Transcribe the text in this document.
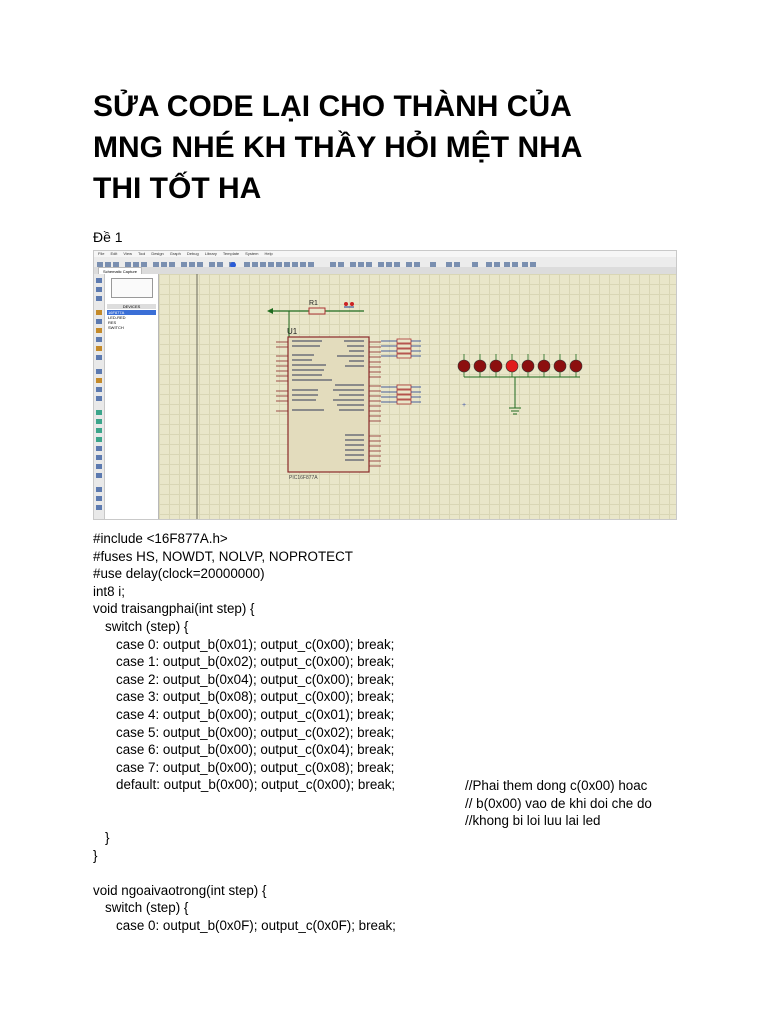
SỬA CODE LẠI CHO THÀNH CỦA
MNG NHÉ KH THẦY HỎI MỆT NHA
THI TỐT HA
Đề 1
File Edit View Tool Design Graph Debug Library Template System Help
Schematic Capture
DEVICES
16F877A
LED-RED
RES
SWITCH
R1
U1
PIC16F877A
+
#include <16F877A.h>
#fuses HS, NOWDT, NOLVP, NOPROTECT
#use delay(clock=20000000)
int8 i;
void traisangphai(int step) {
switch (step) {
case 0: output_b(0x01); output_c(0x00); break;
case 1: output_b(0x02); output_c(0x00); break;
case 2: output_b(0x04); output_c(0x00); break;
case 3: output_b(0x08); output_c(0x00); break;
case 4: output_b(0x00); output_c(0x01); break;
case 5: output_b(0x00); output_c(0x02); break;
case 6: output_b(0x00); output_c(0x04); break;
case 7: output_b(0x00); output_c(0x08); break;
default: output_b(0x00); output_c(0x00); break;
}
}
void ngoaivaotrong(int step) {
switch (step) {
case 0: output_b(0x0F); output_c(0x0F); break;
//Phai them dong c(0x00) hoac
// b(0x00) vao de khi doi che do
//khong bi loi luu lai led
